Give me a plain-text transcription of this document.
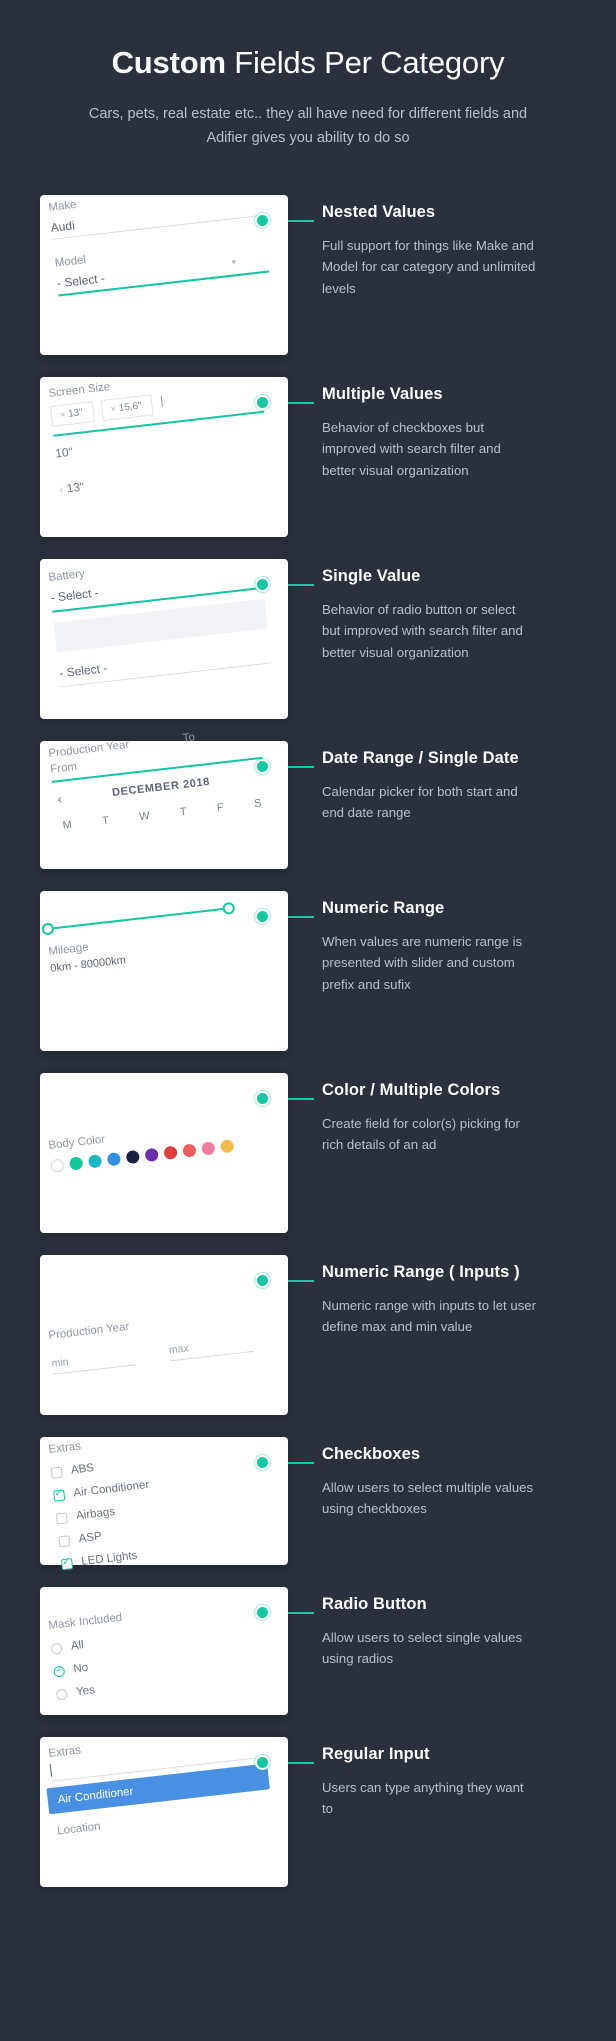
Custom Fields Per Category
Cars, pets, real estate etc.. they all have need for different fields and Adifier gives you ability to do so
Make
Audi
Model
- Select -
▾
Nested Values

Full support for things like Make and Model for car category and unlimited levels

Screen Size
× 13"	× 15,6"	|
10"
‹ 13"
Multiple Values

Behavior of checkboxes but improved with search filter and better visual organization

Battery
- Select -
- Select -
Single Value

Behavior of radio button or select but improved with search filter and better visual organization

Production Year
To
From
‹
DECEMBER 2018
M	T	W	T	F	S
Date Range / Single Date

Calendar picker for both start and end date range

Mileage
0km - 80000km
Numeric Range

When values are numeric range is presented with slider and custom prefix and sufix

Body Color
Color / Multiple Colors

Create field for color(s) picking for rich details of an ad

Production Year
min
max
Numeric Range ( Inputs )

Numeric range with inputs to let user define max and min value

Extras
ABS
✓
Air Conditioner
Airbags
ASP
✓
LED Lights
Checkboxes

Allow users to select multiple values using checkboxes

Mask Included
All
✓
No
Yes
Radio Button

Allow users to select single values using radios

Extras
Air Conditioner
Location
Regular Input

Users can type anything they want to
